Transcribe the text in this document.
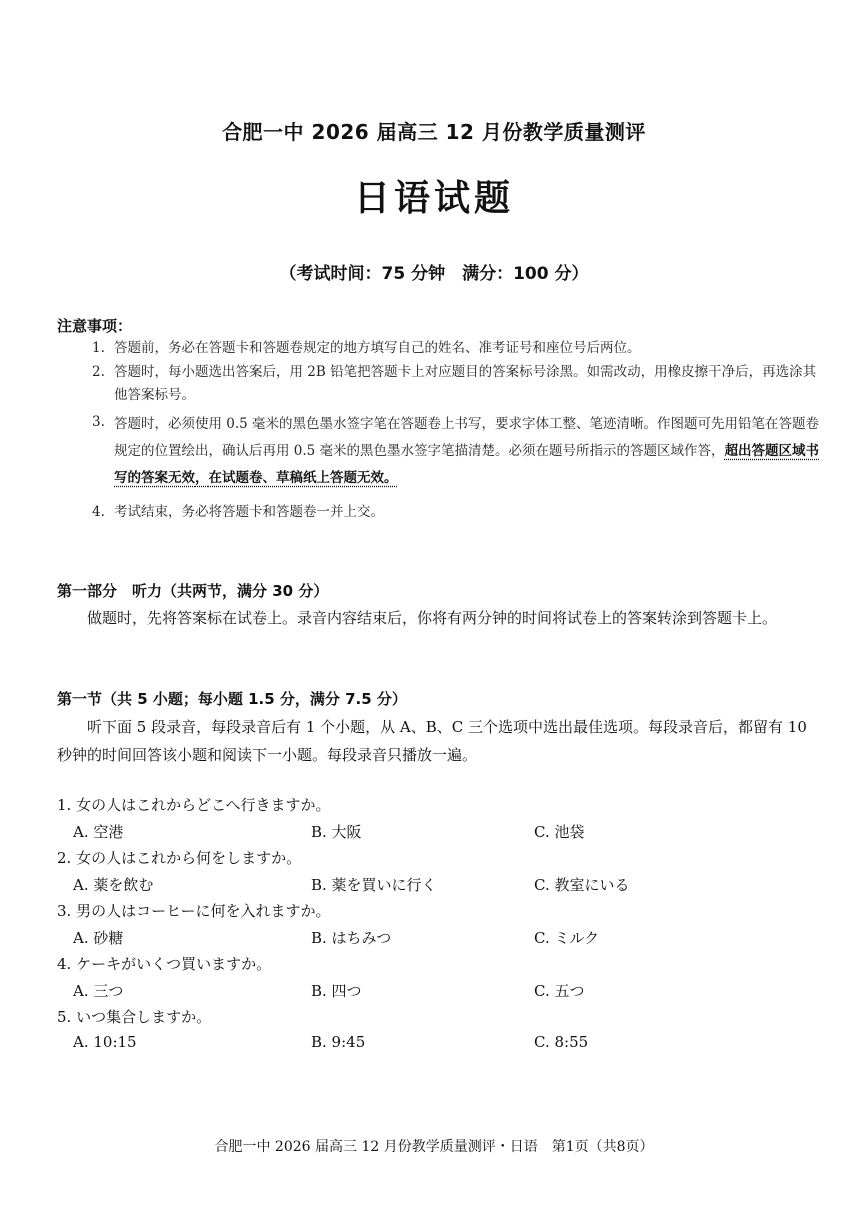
合肥一中 2026 届高三 12 月份教学质量测评
日语试题
（考试时间：75 分钟　满分：100 分）
注意事项：
1. 答题前，务必在答题卡和答题卷规定的地方填写自己的姓名、准考证号和座位号后两位。
2. 答题时，每小题选出答案后，用 2B 铅笔把答题卡上对应题目的答案标号涂黑。如需改动，用橡皮擦干净后，再选涂其他答案标号。
3. 答题时，必须使用 0.5 毫米的黑色墨水签字笔在答题卷上书写，要求字体工整、笔迹清晰。作图题可先用铅笔在答题卷规定的位置绘出，确认后再用 0.5 毫米的黑色墨水签字笔描清楚。必须在题号所指示的答题区域作答，超出答题区域书写的答案无效，在试题卷、草稿纸上答题无效。
4. 考试结束，务必将答题卡和答题卷一并上交。
第一部分　听力（共两节，满分 30 分）
做题时，先将答案标在试卷上。录音内容结束后，你将有两分钟的时间将试卷上的答案转涂到答题卡上。
第一节（共 5 小题；每小题 1.5 分，满分 7.5 分）
听下面 5 段录音，每段录音后有 1 个小题，从 A、B、C 三个选项中选出最佳选项。每段录音后，都留有 10 秒钟的时间回答该小题和阅读下一小题。每段录音只播放一遍。
1. 女の人はこれからどこへ行きますか。
A. 空港	B. 大阪	C. 池袋
2. 女の人はこれから何をしますか。
A. 薬を飲む	B. 薬を買いに行く	C. 教室にいる
3. 男の人はコーヒーに何を入れますか。
A. 砂糖	B. はちみつ	C. ミルク
4. ケーキがいくつ買いますか。
A. 三つ	B. 四つ	C. 五つ
5. いつ集合しますか。
A. 10:15	B. 9:45	C. 8:55
合肥一中 2026 届高三 12 月份教学质量测评・日语　第1页（共8页）
